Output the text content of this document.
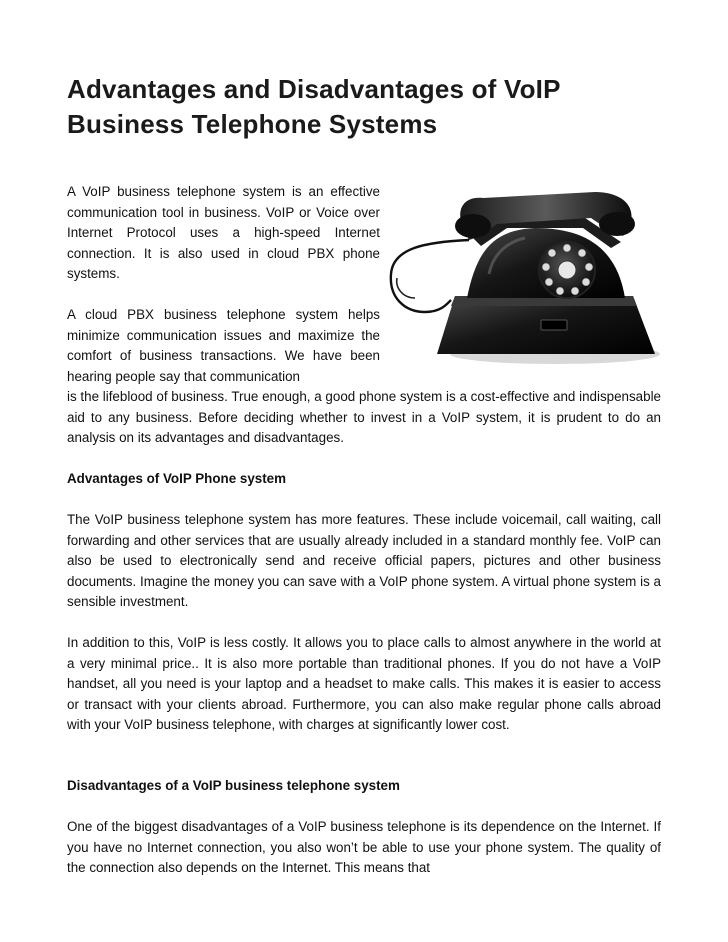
Advantages and Disadvantages of VoIP Business Telephone Systems

A VoIP business telephone system is an effective communication tool in business. VoIP or Voice over Internet Protocol uses a high-speed Internet connection. It is also used in cloud PBX phone systems.

A cloud PBX business telephone system helps minimize communication issues and maximize the comfort of business transactions. We have been hearing people say that communication

is the lifeblood of business. True enough, a good phone system is a cost-effective and indispensable aid to any business. Before deciding whether to invest in a VoIP system, it is prudent to do an analysis on its advantages and disadvantages.

Advantages of VoIP Phone system

The VoIP business telephone system has more features. These include voicemail, call waiting, call forwarding and other services that are usually already included in a standard monthly fee. VoIP can also be used to electronically send and receive official papers, pictures and other business documents. Imagine the money you can save with a VoIP phone system. A virtual phone system is a sensible investment.

In addition to this, VoIP is less costly. It allows you to place calls to almost anywhere in the world at a very minimal price.. It is also more portable than traditional phones. If you do not have a VoIP handset, all you need is your laptop and a headset to make calls. This makes it is easier to access or transact with your clients abroad. Furthermore, you can also make regular phone calls abroad with your VoIP business telephone, with charges at significantly lower cost.

Disadvantages of a VoIP business telephone system

One of the biggest disadvantages of a VoIP business telephone is its dependence on the Internet. If you have no Internet connection, you also won’t be able to use your phone system. The quality of the connection also depends on the Internet. This means that
